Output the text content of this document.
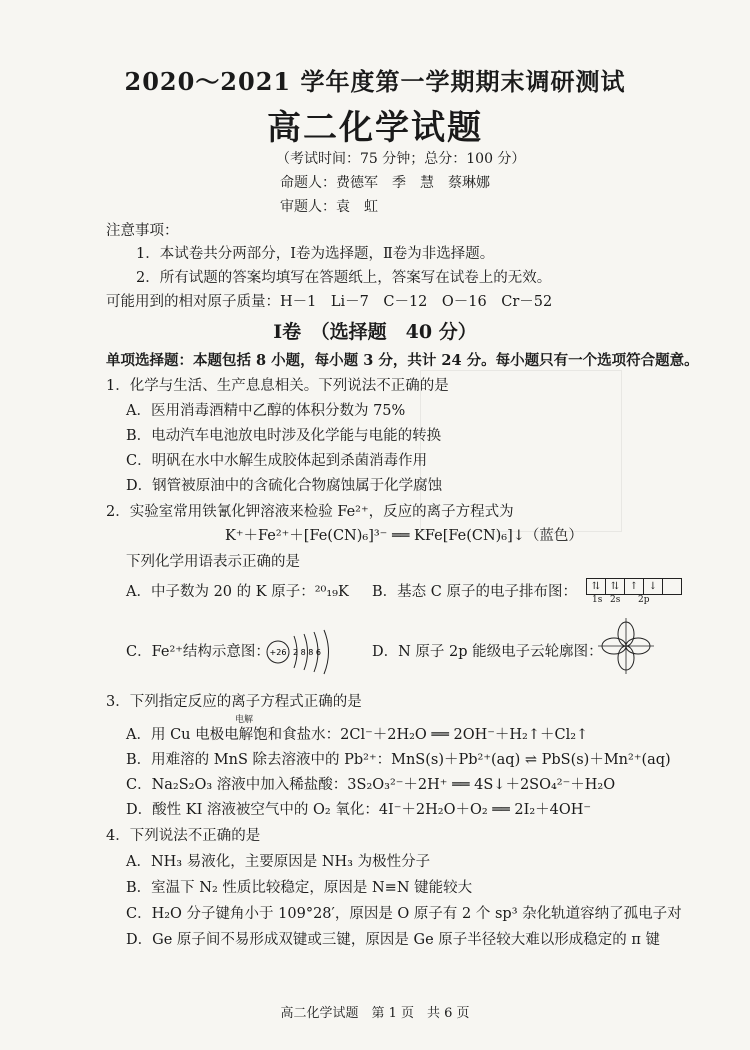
2020～2021 学年度第一学期期末调研测试
高二化学试题
（考试时间：75 分钟；总分：100 分）
命题人：费德军　季　慧　蔡琳娜
审题人：袁　虹
注意事项：
1．本试卷共分两部分，Ⅰ卷为选择题，Ⅱ卷为非选择题。
2．所有试题的答案均填写在答题纸上，答案写在试卷上的无效。
可能用到的相对原子质量：H－1　Li－7　C－12　O－16　Cr－52
Ⅰ卷　（选择题　40 分）
单项选择题：本题包括 8 小题，每小题 3 分，共计 24 分。每小题只有一个选项符合题意。
1．化学与生活、生产息息相关。下列说法不正确的是
A．医用消毒酒精中乙醇的体积分数为 75%
B．电动汽车电池放电时涉及化学能与电能的转换
C．明矾在水中水解生成胶体起到杀菌消毒作用
D．钢管被原油中的含硫化合物腐蚀属于化学腐蚀
2．实验室常用铁氰化钾溶液来检验 Fe²⁺，反应的离子方程式为
K⁺＋Fe²⁺＋[Fe(CN)₆]³⁻ ══ KFe[Fe(CN)₆]↓（蓝色）
下列化学用语表示正确的是
A．中子数为 20 的 K 原子：²⁰₁₉K B．基态 C 原子的电子排布图：	⇅	⇅	↑	↓
1s 2s 2p
C．Fe²⁺结构示意图： +26 2 8 8 6	D．N 原子 2p 能级电子云轮廓图：
3．下列指定反应的离子方程式正确的是
电解
A．用 Cu 电极电解饱和食盐水：2Cl⁻＋2H₂O ══ 2OH⁻＋H₂↑＋Cl₂↑
B．用难溶的 MnS 除去溶液中的 Pb²⁺：MnS(s)＋Pb²⁺(aq) ⇌ PbS(s)＋Mn²⁺(aq)
C．Na₂S₂O₃ 溶液中加入稀盐酸：3S₂O₃²⁻＋2H⁺ ══ 4S↓＋2SO₄²⁻＋H₂O
D．酸性 KI 溶液被空气中的 O₂ 氧化：4I⁻＋2H₂O＋O₂ ══ 2I₂＋4OH⁻
4．下列说法不正确的是
A．NH₃ 易液化，主要原因是 NH₃ 为极性分子
B．室温下 N₂ 性质比较稳定，原因是 N≡N 键能较大
C．H₂O 分子键角小于 109°28′，原因是 O 原子有 2 个 sp³ 杂化轨道容纳了孤电子对
D．Ge 原子间不易形成双键或三键，原因是 Ge 原子半径较大难以形成稳定的 π 键
高二化学试题　第 1 页　共 6 页
